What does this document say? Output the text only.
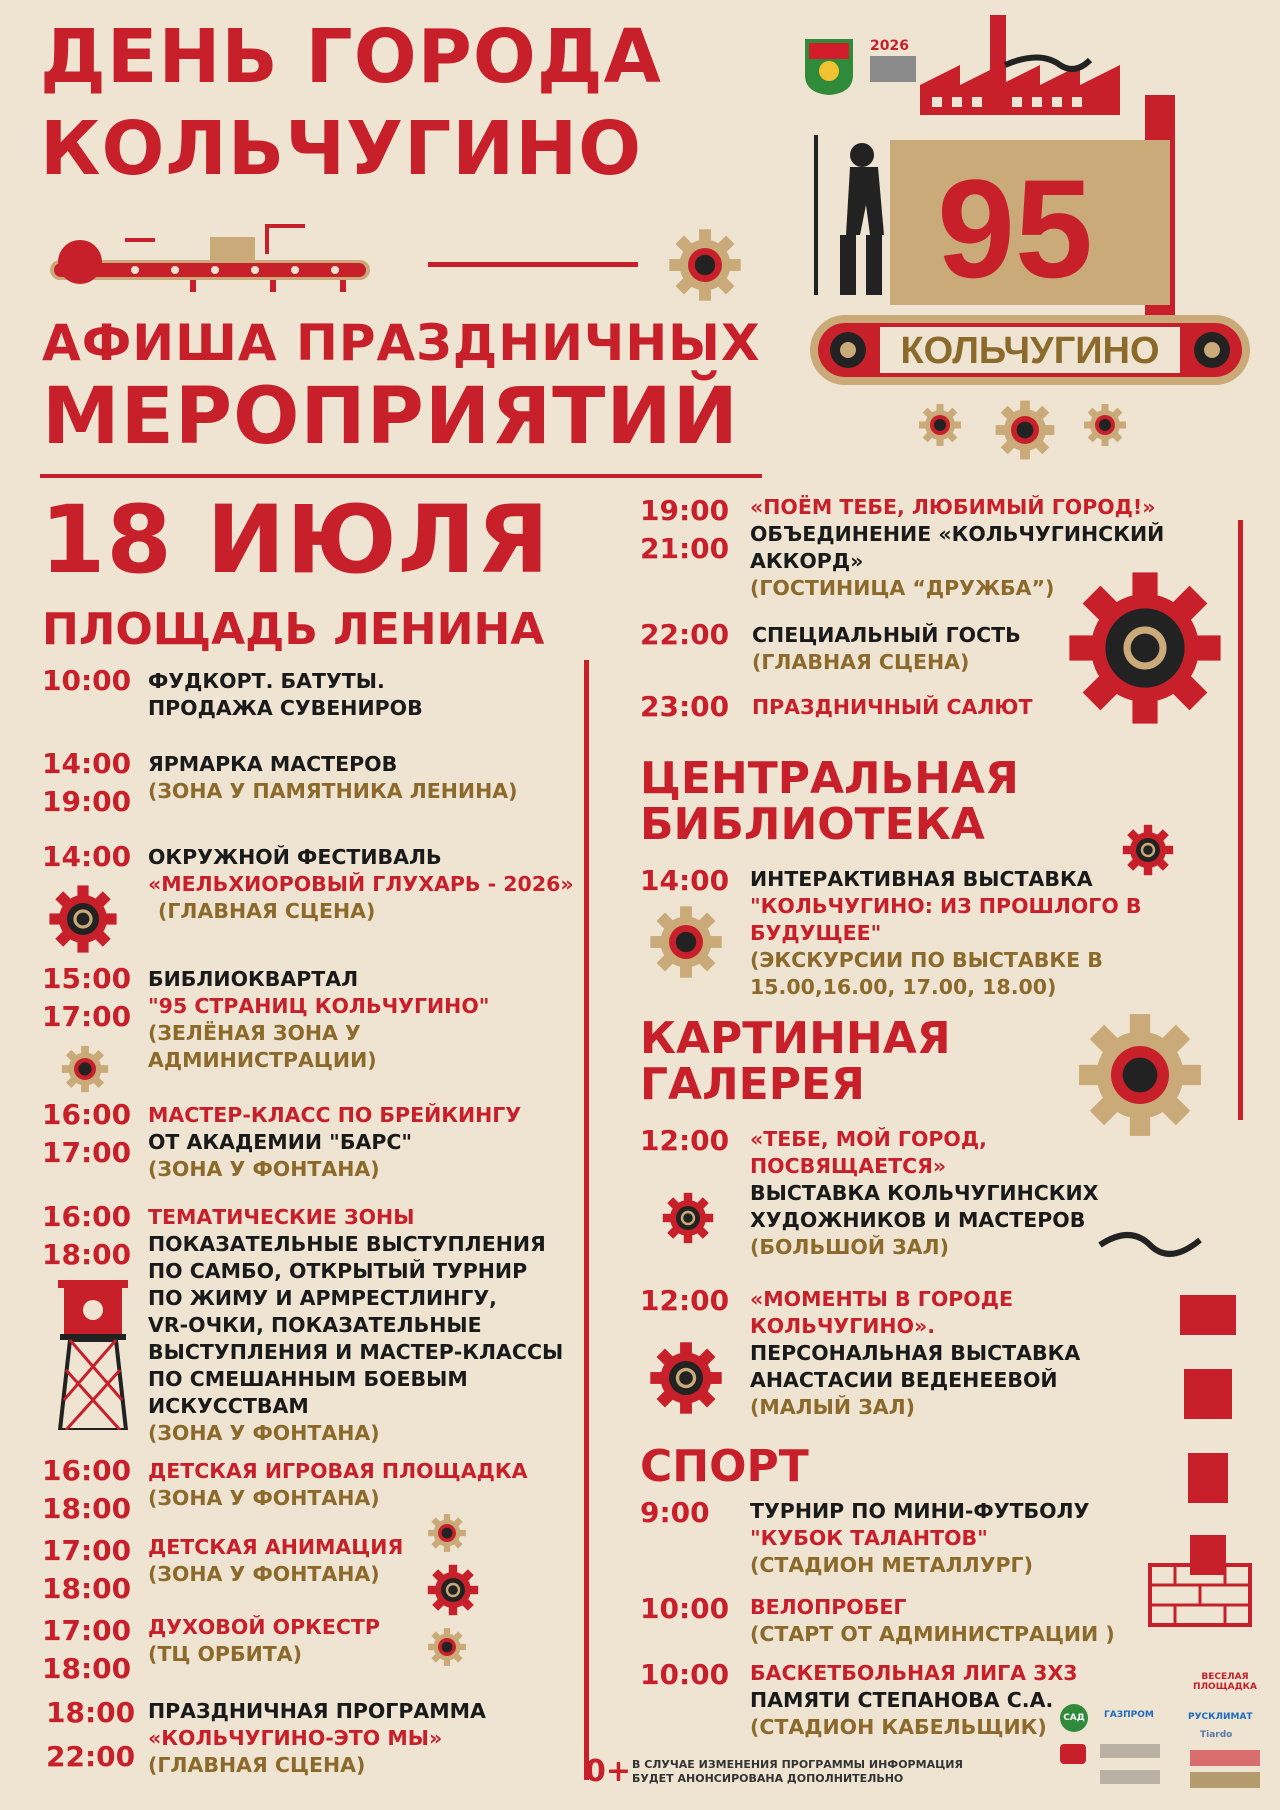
ДЕНЬ ГОРОДА
КОЛЬЧУГИНО
АФИША ПРАЗДНИЧНЫХ
МЕРОПРИЯТИЙ
2026
95
КОЛЬЧУГИНО
18 ИЮЛЯ
ПЛОЩАДЬ ЛЕНИНА
10:00 ФУДКОРТ. БАТУТЫ.
ПРОДАЖА СУВЕНИРОВ
14:00
19:00
ЯРМАРКА МАСТЕРОВ
(ЗОНА У ПАМЯТНИКА ЛЕНИНА)
14:00 ОКРУЖНОЙ ФЕСТИВАЛЬ
«МЕЛЬХИОРОВЫЙ ГЛУХАРЬ - 2026»
(ГЛАВНАЯ СЦЕНА)
15:00
17:00
БИБЛИОКВАРТАЛ
"95 СТРАНИЦ КОЛЬЧУГИНО"
(ЗЕЛЁНАЯ ЗОНА У
АДМИНИСТРАЦИИ)
16:00
17:00
МАСТЕР-КЛАСС ПО БРЕЙКИНГУ
ОТ АКАДЕМИИ "БАРС"
(ЗОНА У ФОНТАНА)
16:00
18:00
ТЕМАТИЧЕСКИЕ ЗОНЫ
ПОКАЗАТЕЛЬНЫЕ ВЫСТУПЛЕНИЯ
ПО САМБО, ОТКРЫТЫЙ ТУРНИР
ПО ЖИМУ И АРМРЕСТЛИНГУ,
VR-ОЧКИ, ПОКАЗАТЕЛЬНЫЕ
ВЫСТУПЛЕНИЯ И МАСТЕР-КЛАССЫ
ПО СМЕШАННЫМ БОЕВЫМ
ИСКУССТВАМ
(ЗОНА У ФОНТАНА)
16:00
18:00
ДЕТСКАЯ ИГРОВАЯ ПЛОЩАДКА
(ЗОНА У ФОНТАНА)
17:00
18:00
ДЕТСКАЯ АНИМАЦИЯ
(ЗОНА У ФОНТАНА)
17:00
18:00
ДУХОВОЙ ОРКЕСТР
(ТЦ ОРБИТА)
18:00
22:00
ПРАЗДНИЧНАЯ ПРОГРАММА
«КОЛЬЧУГИНО-ЭТО МЫ»
(ГЛАВНАЯ СЦЕНА)
19:00
21:00
«ПОЁМ ТЕБЕ, ЛЮБИМЫЙ ГОРОД!»
ОБЪЕДИНЕНИЕ «КОЛЬЧУГИНСКИЙ
АККОРД»
(ГОСТИНИЦА “ДРУЖБА”)
22:00 СПЕЦИАЛЬНЫЙ ГОСТЬ
(ГЛАВНАЯ СЦЕНА)
23:00 ПРАЗДНИЧНЫЙ САЛЮТ
ЦЕНТРАЛЬНАЯ
БИБЛИОТЕКА
14:00 ИНТЕРАКТИВНАЯ ВЫСТАВКА
"КОЛЬЧУГИНО: ИЗ ПРОШЛОГО В
БУДУЩЕЕ"
(ЭКСКУРСИИ ПО ВЫСТАВКЕ В
15.00,16.00, 17.00, 18.00)
КАРТИННАЯ
ГАЛЕРЕЯ
12:00 «ТЕБЕ, МОЙ ГОРОД,
ПОСВЯЩАЕТСЯ»
ВЫСТАВКА КОЛЬЧУГИНСКИХ
ХУДОЖНИКОВ И МАСТЕРОВ
(БОЛЬШОЙ ЗАЛ)
12:00 «МОМЕНТЫ В ГОРОДЕ
КОЛЬЧУГИНО».
ПЕРСОНАЛЬНАЯ ВЫСТАВКА
АНАСТАСИИ ВЕДЕНЕЕВОЙ
(МАЛЫЙ ЗАЛ)
СПОРТ
9:00 ТУРНИР ПО МИНИ-ФУТБОЛУ
"КУБОК ТАЛАНТОВ"
(СТАДИОН МЕТАЛЛУРГ)
10:00 ВЕЛОПРОБЕГ
(СТАРТ ОТ АДМИНИСТРАЦИИ )
10:00 БАСКЕТБОЛЬНАЯ ЛИГА 3Х3
ПАМЯТИ СТЕПАНОВА С.А.
(СТАДИОН КАБЕЛЬЩИК)
0+ В СЛУЧАЕ ИЗМЕНЕНИЯ ПРОГРАММЫ ИНФОРМАЦИЯ
БУДЕТ АНОНСИРОВАНА ДОПОЛНИТЕЛЬНО
САД	ГАЗПРОМ
ВЕСЕЛАЯ ПЛОЩАДКА
РУСКЛИМАТ
Tiardo
